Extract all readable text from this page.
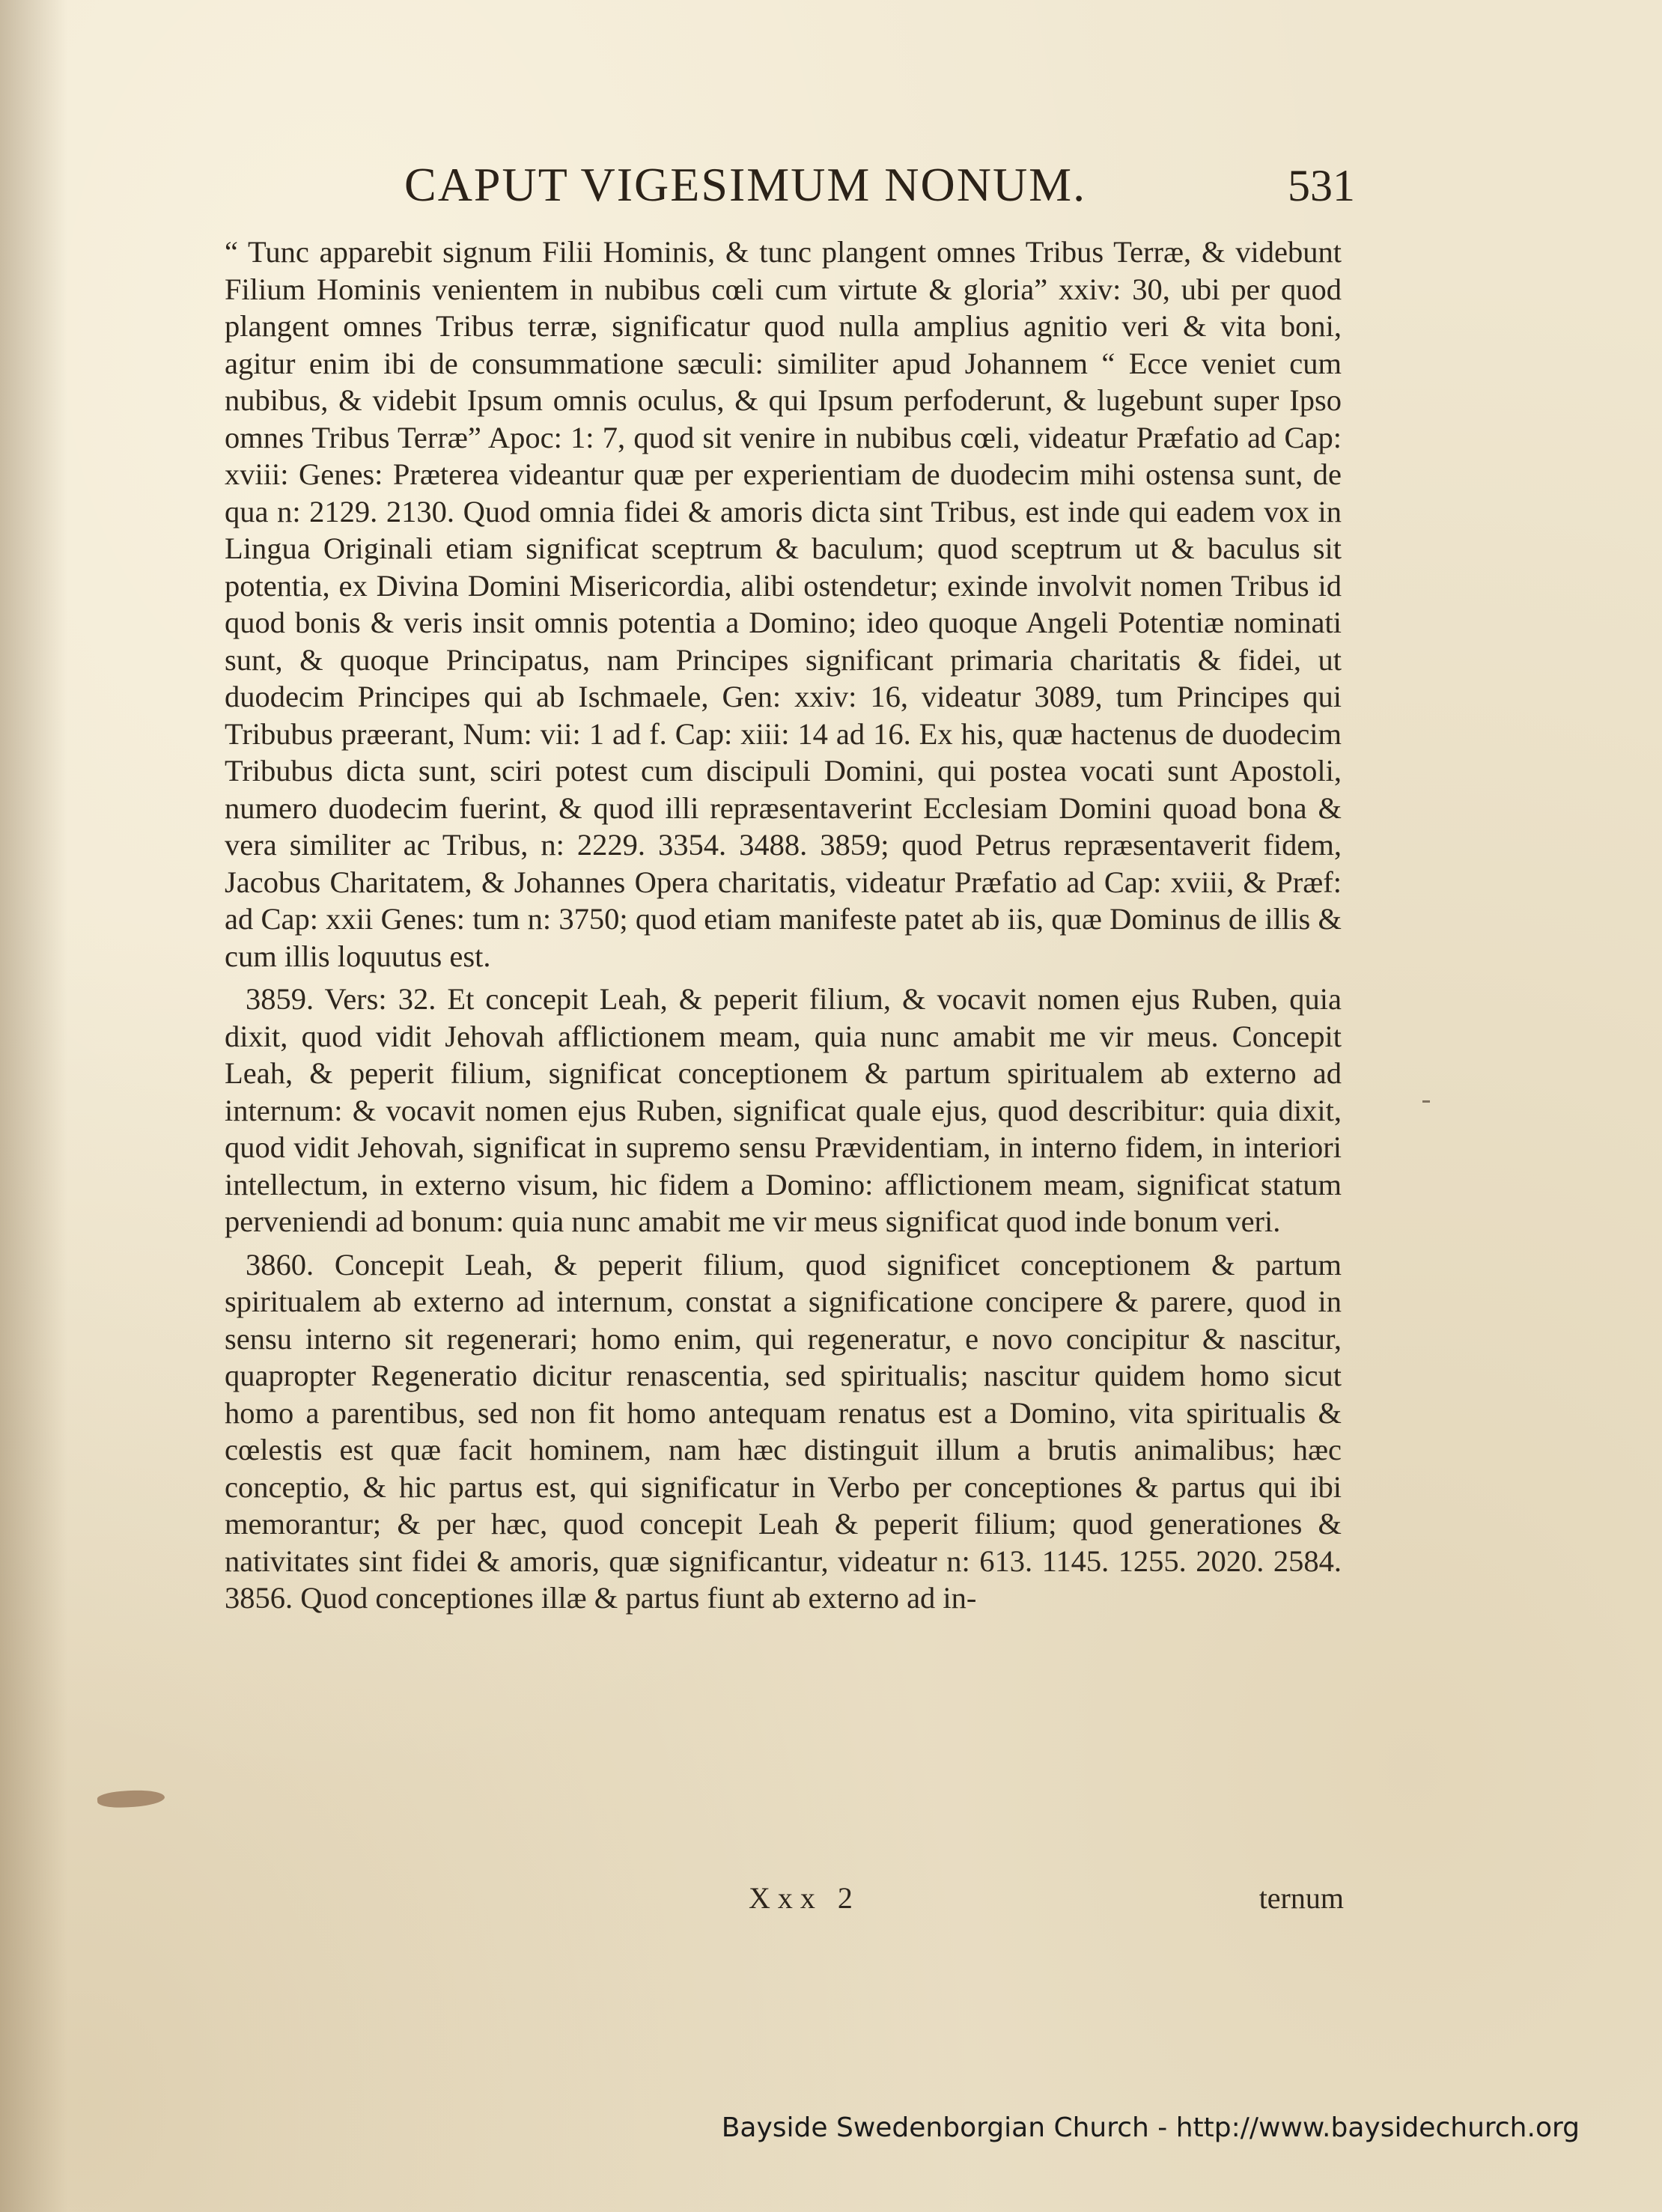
CAPUT VIGESIMUM NONUM.	531

“ Tunc apparebit signum Filii Hominis, & tunc plangent omnes Tribus Terræ, & videbunt Filium Hominis venientem in nubibus cœli cum virtute & gloria” xxiv: 30, ubi per quod plangent omnes Tribus terræ, significatur quod nulla amplius agnitio veri & vita boni, agitur enim ibi de consummatione sæculi: similiter apud Johannem “ Ecce veniet cum nubibus, & videbit Ipsum omnis oculus, & qui Ipsum perfoderunt, & lugebunt super Ipso omnes Tribus Terræ” Apoc: 1: 7, quod sit venire in nubibus cœli, videatur Præfatio ad Cap: xviii: Genes: Præterea videantur quæ per experientiam de duodecim mihi ostensa sunt, de qua n: 2129. 2130. Quod omnia fidei & amoris dicta sint Tribus, est inde qui eadem vox in Lingua Originali etiam significat sceptrum & baculum; quod sceptrum ut & baculus sit potentia, ex Divina Domini Misericordia, alibi ostendetur; exinde involvit nomen Tribus id quod bonis & veris insit omnis potentia a Domino; ideo quoque Angeli Potentiæ nominati sunt, & quoque Principatus, nam Principes significant primaria charitatis & fidei, ut duodecim Principes qui ab Ischmaele, Gen: xxiv: 16, videatur 3089, tum Principes qui Tribubus præerant, Num: vii: 1 ad f. Cap: xiii: 14 ad 16. Ex his, quæ hactenus de duodecim Tribubus dicta sunt, sciri potest cum discipuli Domini, qui postea vocati sunt Apostoli, numero duodecim fuerint, & quod illi repræsentaverint Ecclesiam Domini quoad bona & vera similiter ac Tribus, n: 2229. 3354. 3488. 3859; quod Petrus repræsentaverit fidem, Jacobus Charitatem, & Johannes Opera charitatis, videatur Præfatio ad Cap: xviii, & Præf: ad Cap: xxii Genes: tum n: 3750; quod etiam manifeste patet ab iis, quæ Dominus de illis & cum illis loquutus est.

3859. Vers: 32. Et concepit Leah, & peperit filium, & vocavit nomen ejus Ruben, quia dixit, quod vidit Jehovah afflictionem meam, quia nunc amabit me vir meus. Concepit Leah, & peperit filium, significat conceptionem & partum spiritualem ab externo ad internum: & vocavit nomen ejus Ruben, significat quale ejus, quod describitur: quia dixit, quod vidit Jehovah, significat in supremo sensu Prævidentiam, in interno fidem, in interiori intellectum, in externo visum, hic fidem a Domino: afflictionem meam, significat statum perveniendi ad bonum: quia nunc amabit me vir meus significat quod inde bonum veri.

3860. Concepit Leah, & peperit filium, quod significet conceptionem & partum spiritualem ab externo ad internum, constat a significatione concipere & parere, quod in sensu interno sit regenerari; homo enim, qui regeneratur, e novo concipitur & nascitur, quapropter Regeneratio dicitur renascentia, sed spiritualis; nascitur quidem homo sicut homo a parentibus, sed non fit homo antequam renatus est a Domino, vita spiritualis & cœlestis est quæ facit hominem, nam hæc distinguit illum a brutis animalibus; hæc conceptio, & hic partus est, qui significatur in Verbo per conceptiones & partus qui ibi memorantur; & per hæc, quod concepit Leah & peperit filium; quod generationes & nativitates sint fidei & amoris, quæ significantur, videatur n: 613. 1145. 1255. 2020. 2584. 3856. Quod conceptiones illæ & partus fiunt ab externo ad in-

Xxx 2	ternum
Bayside Swedenborgian Church - http://www.baysidechurch.org
